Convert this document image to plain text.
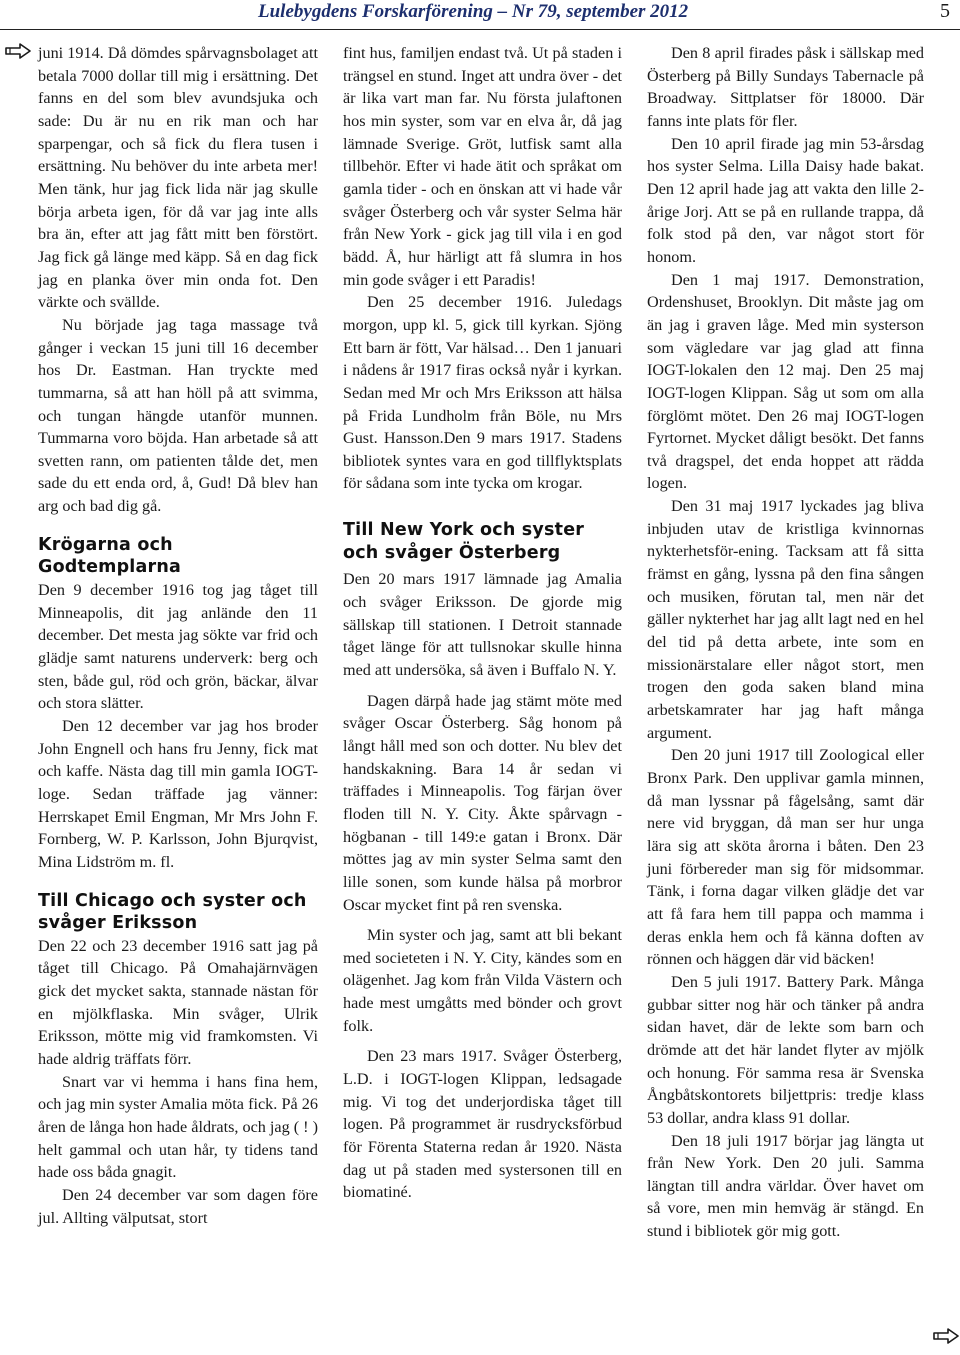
Lulebygdens Forskarförening – Nr 79, september 2012	5

juni 1914. Då dömdes spårvagnsbolaget att betala 7000 dollar till mig i ersättning. Det fanns en del som blev avundsjuka och sade: Du är nu en rik man och har sparpengar, och så fick du flera tusen i ersättning. Nu behöver du inte arbeta mer! Men tänk, hur jag fick lida när jag skulle börja arbeta igen, för då var jag inte alls bra än, efter att jag fått mitt ben förstört. Jag fick gå länge med käpp. Så en dag fick jag en planka över min onda fot. Den värkte och svällde.

Nu började jag taga massage två gånger i veckan 15 juni till 16 december hos Dr. Eastman. Han tryckte med tummarna, så att han höll på att svimma, och tungan hängde utanför munnen. Tummarna voro böjda. Han arbetade så att svetten rann, om patienten tålde det, men sade du ett enda ord, å, Gud! Då blev han arg och bad dig gå.

Krögarna och Godtemplarna

Den 9 december 1916 tog jag tåget till Minneapolis, dit jag anlände den 11 december. Det mesta jag sökte var frid och glädje samt naturens underverk: berg och sten, både gul, röd och grön, bäckar, älvar och stora slätter.

Den 12 december var jag hos broder John Engnell och hans fru Jenny, fick mat och kaffe. Nästa dag till min gamla IOGT-loge. Sedan träffade jag vänner: Herrskapet Emil Engman, Mr Mrs John F. Fornberg, W. P. Karlsson, John Bjurqvist, Mina Lidström m. fl.

Till Chicago och syster och svåger Eriksson

Den 22 och 23 december 1916 satt jag på tåget till Chicago. På Omahajärnvägen gick det mycket sakta, stannade nästan för en mjölkflaska. Min svåger, Ulrik Eriksson, mötte mig vid framkomsten. Vi hade aldrig träffats förr.

Snart var vi hemma i hans fina hem, och jag min syster Amalia möta fick. På 26 åren de långa hon hade åldrats, och jag ( ! ) helt gammal och utan hår, ty tidens tand hade oss båda gnagit.

Den 24 december var som dagen före jul. Allting välputsat, stort

fint hus, familjen endast två. Ut på staden i trängsel en stund. Inget att undra över - det är lika vart man far. Nu första julaftonen hos min syster, som var en elva år, då jag lämnade Sverige. Gröt, lutfisk samt alla tillbehör. Efter vi hade ätit och språkat om gamla tider - och en önskan att vi hade vår svåger Österberg och vår syster Selma här från New York - gick jag till vila i en god bädd. Å, hur härligt att få slumra in hos min gode svåger i ett Paradis!

Den 25 december 1916. Juledags morgon, upp kl. 5, gick till kyrkan. Sjöng Ett barn är fött, Var hälsad… Den 1 januari i nådens år 1917 firas också nyår i kyrkan. Sedan med Mr och Mrs Eriksson att hälsa på Frida Lundholm från Böle, nu Mrs Gust. Hansson.Den 9 mars 1917. Stadens bibliotek syntes vara en god tillflyktsplats för sådana som inte tycka om krogar.

Till New York och syster och svåger Österberg

Den 20 mars 1917 lämnade jag Amalia och svåger Eriksson. De gjorde mig sällskap till stationen. I Detroit stannade tåget länge för att tullsnokar skulle hinna med att undersöka, så även i Buffalo N. Y.

Dagen därpå hade jag stämt möte med svåger Oscar Österberg. Såg honom på långt håll med son och dotter. Nu blev det handskakning. Bara 14 år sedan vi träffades i Minneapolis. Tog färjan över floden till N. Y. City. Åkte spårvagn - högbanan - till 149:e gatan i Bronx. Där möttes jag av min syster Selma samt den lille sonen, som kunde hälsa på morbror Oscar mycket fint på ren svenska.

Min syster och jag, samt att bli bekant med societeten i N. Y. City, kändes som en olägenhet. Jag kom från Vilda Västern och hade mest umgåtts med bönder och grovt folk.

Den 23 mars 1917. Svåger Österberg, L.D. i IOGT-logen Klippan, ledsagade mig. Vi tog det underjordiska tåget till logen. På programmet är rusdrycksförbud för Förenta Staterna redan år 1920. Nästa dag ut på staden med systersonen till en biomatiné.

Den 8 april firades påsk i sällskap med Österberg på Billy Sundays Tabernacle på Broadway. Sittplatser för 18000. Där fanns inte plats för fler.

Den 10 april firade jag min 53-årsdag hos syster Selma. Lilla Daisy hade bakat. Den 12 april hade jag att vakta den lille 2-årige Jorj. Att se på en rullande trappa, då folk stod på den, var något stort för honom.

Den 1 maj 1917. Demonstration, Ordenshuset, Brooklyn. Dit måste jag om än jag i graven låge. Med min systerson som vägledare var jag glad att finna IOGT-lokalen den 12 maj. Den 25 maj IOGT-logen Klippan. Såg ut som om alla förglömt mötet. Den 26 maj IOGT-logen Fyrtornet. Mycket dåligt besökt. Det fanns två dragspel, det enda hoppet att rädda logen.

Den 31 maj 1917 lyckades jag bliva inbjuden utav de kristliga kvinnornas nykterhetsför-ening. Tacksam att få sitta främst en gång, lyssna på den fina sången och musiken, förutan tal, men när det gäller nykterhet har jag allt lagt ned en hel del tid på detta arbete, inte som en missionärstalare eller något stort, men trogen den goda saken bland mina arbetskamrater har jag haft många argument.

Den 20 juni 1917 till Zoological eller Bronx Park. Den upplivar gamla minnen, då man lyssnar på fågelsång, samt där nere vid bryggan, då man ser hur unga lära sig att sköta årorna i båten. Den 23 juni förbereder man sig för midsommar. Tänk, i forna dagar vilken glädje det var att få fara hem till pappa och mamma i deras enkla hem och få känna doften av rönnen och häggen där vid bäcken!

Den 5 juli 1917. Battery Park. Många gubbar sitter nog här och tänker på andra sidan havet, där de lekte som barn och drömde att det här landet flyter av mjölk och honung. För samma resa är Svenska Ångbåtskontorets biljettpris: tredje klass 53 dollar, andra klass 91 dollar.

Den 18 juli 1917 börjar jag längta ut från New York. Den 20 juli. Samma längtan till andra världar. Över havet om så vore, men min hemväg är stängd. En stund i bibliotek gör mig gott.
